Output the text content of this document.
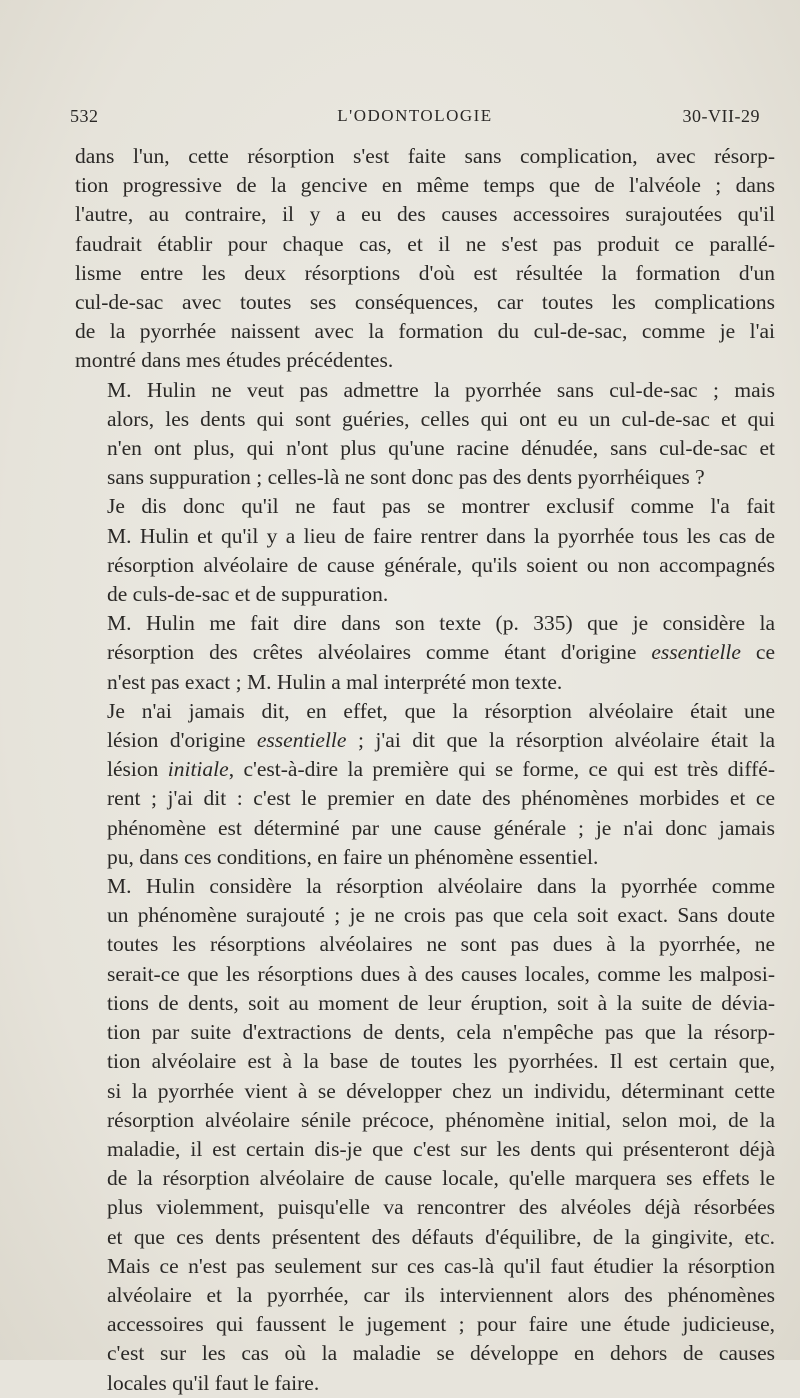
532	L'ODONTOLOGIE	30-VII-29
dans l'un, cette résorption s'est faite sans complication, avec résorp-
tion progressive de la gencive en même temps que de l'alvéole ; dans
l'autre, au contraire, il y a eu des causes accessoires surajoutées qu'il
faudrait établir pour chaque cas, et il ne s'est pas produit ce parallé-
lisme entre les deux résorptions d'où est résultée la formation d'un
cul-de-sac avec toutes ses conséquences, car toutes les complications
de la pyorrhée naissent avec la formation du cul-de-sac, comme je l'ai
montré dans mes études précédentes.
M. Hulin ne veut pas admettre la pyorrhée sans cul-de-sac ; mais
alors, les dents qui sont guéries, celles qui ont eu un cul-de-sac et qui
n'en ont plus, qui n'ont plus qu'une racine dénudée, sans cul-de-sac et
sans suppuration ; celles-là ne sont donc pas des dents pyorrhéiques ?
Je dis donc qu'il ne faut pas se montrer exclusif comme l'a fait
M. Hulin et qu'il y a lieu de faire rentrer dans la pyorrhée tous les cas de
résorption alvéolaire de cause générale, qu'ils soient ou non accompagnés
de culs-de-sac et de suppuration.
M. Hulin me fait dire dans son texte (p. 335) que je considère la
résorption des crêtes alvéolaires comme étant d'origine essentielle ce
n'est pas exact ; M. Hulin a mal interprété mon texte.
Je n'ai jamais dit, en effet, que la résorption alvéolaire était une
lésion d'origine essentielle ; j'ai dit que la résorption alvéolaire était la
lésion initiale, c'est-à-dire la première qui se forme, ce qui est très diffé-
rent ; j'ai dit : c'est le premier en date des phénomènes morbides et ce
phénomène est déterminé par une cause générale ; je n'ai donc jamais
pu, dans ces conditions, en faire un phénomène essentiel.
M. Hulin considère la résorption alvéolaire dans la pyorrhée comme
un phénomène surajouté ; je ne crois pas que cela soit exact. Sans doute
toutes les résorptions alvéolaires ne sont pas dues à la pyorrhée, ne
serait-ce que les résorptions dues à des causes locales, comme les malposi-
tions de dents, soit au moment de leur éruption, soit à la suite de dévia-
tion par suite d'extractions de dents, cela n'empêche pas que la résorp-
tion alvéolaire est à la base de toutes les pyorrhées. Il est certain que,
si la pyorrhée vient à se développer chez un individu, déterminant cette
résorption alvéolaire sénile précoce, phénomène initial, selon moi, de la
maladie, il est certain dis-je que c'est sur les dents qui présenteront déjà
de la résorption alvéolaire de cause locale, qu'elle marquera ses effets le
plus violemment, puisqu'elle va rencontrer des alvéoles déjà résorbées
et que ces dents présentent des défauts d'équilibre, de la gingivite, etc.
Mais ce n'est pas seulement sur ces cas-là qu'il faut étudier la résorption
alvéolaire et la pyorrhée, car ils interviennent alors des phénomènes
accessoires qui faussent le jugement ; pour faire une étude judicieuse,
c'est sur les cas où la maladie se développe en dehors de causes
locales qu'il faut le faire.
